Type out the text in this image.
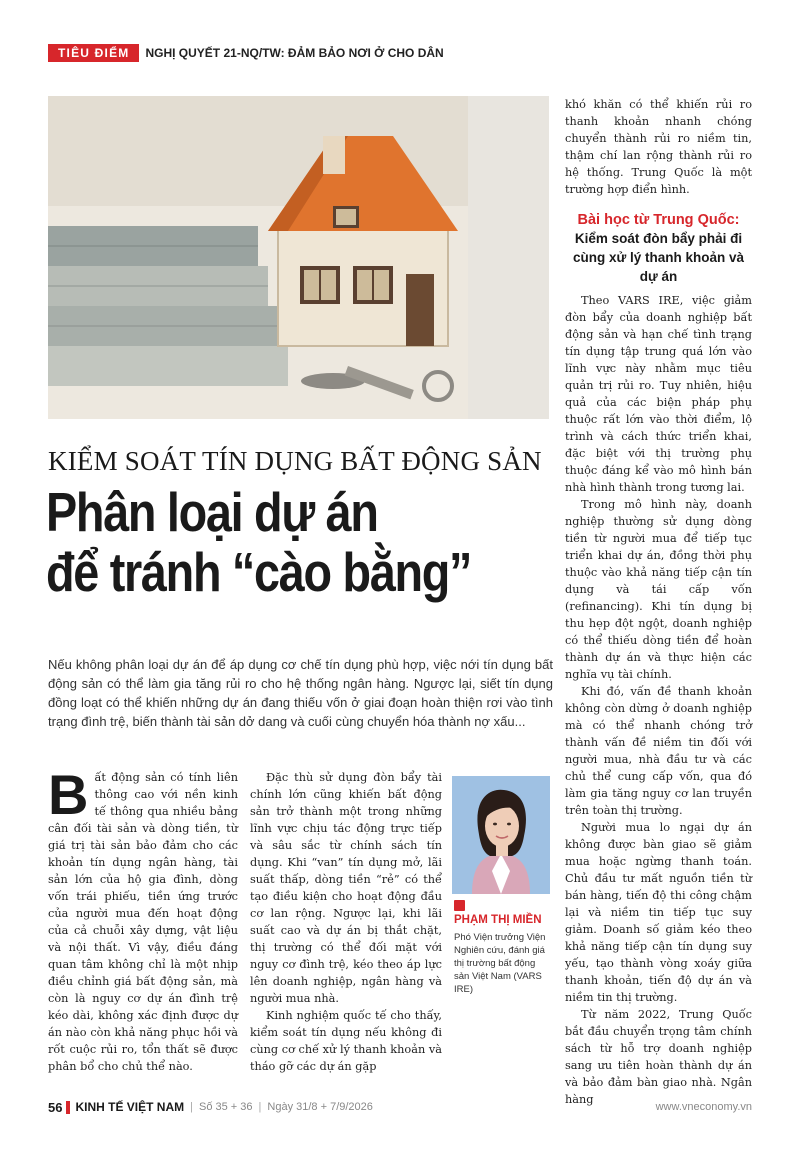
TIÊU ĐIỂM	NGHỊ QUYẾT 21-NQ/TW: ĐẢM BẢO NƠI Ở CHO DÂN
KIỂM SOÁT TÍN DỤNG BẤT ĐỘNG SẢN
Phân loại dự án
để tránh “cào bằng”
Nếu không phân loại dự án để áp dụng cơ chế tín dụng phù hợp, việc nới tín dụng bất động sản có thể làm gia tăng rủi ro cho hệ thống ngân hàng. Ngược lại, siết tín dụng đồng loạt có thể khiến những dự án đang thiếu vốn ở giai đoạn hoàn thiện rơi vào tình trạng đình trệ, biến thành tài sản dở dang và cuối cùng chuyển hóa thành nợ xấu...
B ất động sản có tính liên thông cao với nền kinh tế thông qua nhiều bảng cân đối tài sản và dòng tiền, từ giá trị tài sản bảo đảm cho các khoản tín dụng ngân hàng, tài sản lớn của hộ gia đình, dòng vốn trái phiếu, tiền ứng trước của người mua đến hoạt động của cả chuỗi xây dựng, vật liệu và nội thất. Vì vậy, điều đáng quan tâm không chỉ là một nhịp điều chỉnh giá bất động sản, mà còn là nguy cơ dự án đình trệ kéo dài, không xác định được dự án nào còn khả năng phục hồi và rốt cuộc rủi ro, tổn thất sẽ được phân bổ cho chủ thể nào.

Đặc thù sử dụng đòn bẩy tài chính lớn cũng khiến bất động sản trở thành một trong những lĩnh vực chịu tác động trực tiếp và sâu sắc từ chính sách tín dụng. Khi “van” tín dụng mở, lãi suất thấp, dòng tiền “rẻ” có thể tạo điều kiện cho hoạt động đầu cơ lan rộng. Ngược lại, khi lãi suất cao và dự án bị thắt chặt, thị trường có thể đối mặt với nguy cơ đình trệ, kéo theo áp lực lên doanh nghiệp, ngân hàng và người mua nhà.

Kinh nghiệm quốc tế cho thấy, kiểm soát tín dụng nếu không đi cùng cơ chế xử lý thanh khoản và tháo gỡ các dự án gặp

PHẠM THỊ MIỀN
Phó Viện trưởng Viện Nghiên cứu, đánh giá thị trường bất động sản Việt Nam (VARS IRE)

khó khăn có thể khiến rủi ro thanh khoản nhanh chóng chuyển thành rủi ro niềm tin, thậm chí lan rộng thành rủi ro hệ thống. Trung Quốc là một trường hợp điển hình.

Bài học từ Trung Quốc:
Kiểm soát đòn bẩy phải đi cùng xử lý thanh khoản và dự án

Theo VARS IRE, việc giảm đòn bẩy của doanh nghiệp bất động sản và hạn chế tình trạng tín dụng tập trung quá lớn vào lĩnh vực này nhằm mục tiêu quản trị rủi ro. Tuy nhiên, hiệu quả của các biện pháp phụ thuộc rất lớn vào thời điểm, lộ trình và cách thức triển khai, đặc biệt với thị trường phụ thuộc đáng kể vào mô hình bán nhà hình thành trong tương lai.

Trong mô hình này, doanh nghiệp thường sử dụng dòng tiền từ người mua để tiếp tục triển khai dự án, đồng thời phụ thuộc vào khả năng tiếp cận tín dụng và tái cấp vốn (refinancing). Khi tín dụng bị thu hẹp đột ngột, doanh nghiệp có thể thiếu dòng tiền để hoàn thành dự án và thực hiện các nghĩa vụ tài chính.

Khi đó, vấn đề thanh khoản không còn dừng ở doanh nghiệp mà có thể nhanh chóng trở thành vấn đề niềm tin đối với người mua, nhà đầu tư và các chủ thể cung cấp vốn, qua đó làm gia tăng nguy cơ lan truyền trên toàn thị trường.

Người mua lo ngại dự án không được bàn giao sẽ giảm mua hoặc ngừng thanh toán. Chủ đầu tư mất nguồn tiền từ bán hàng, tiến độ thi công chậm lại và niềm tin tiếp tục suy giảm. Doanh số giảm kéo theo khả năng tiếp cận tín dụng suy yếu, tạo thành vòng xoáy giữa thanh khoản, tiến độ dự án và niềm tin thị trường.

Từ năm 2022, Trung Quốc bắt đầu chuyển trọng tâm chính sách từ hỗ trợ doanh nghiệp sang ưu tiên hoàn thành dự án và bảo đảm bàn giao nhà. Ngân hàng

56 KINH TẾ VIỆT NAM | Số 35 + 36 | Ngày 31/8 + 7/9/2026	www.vneconomy.vn
